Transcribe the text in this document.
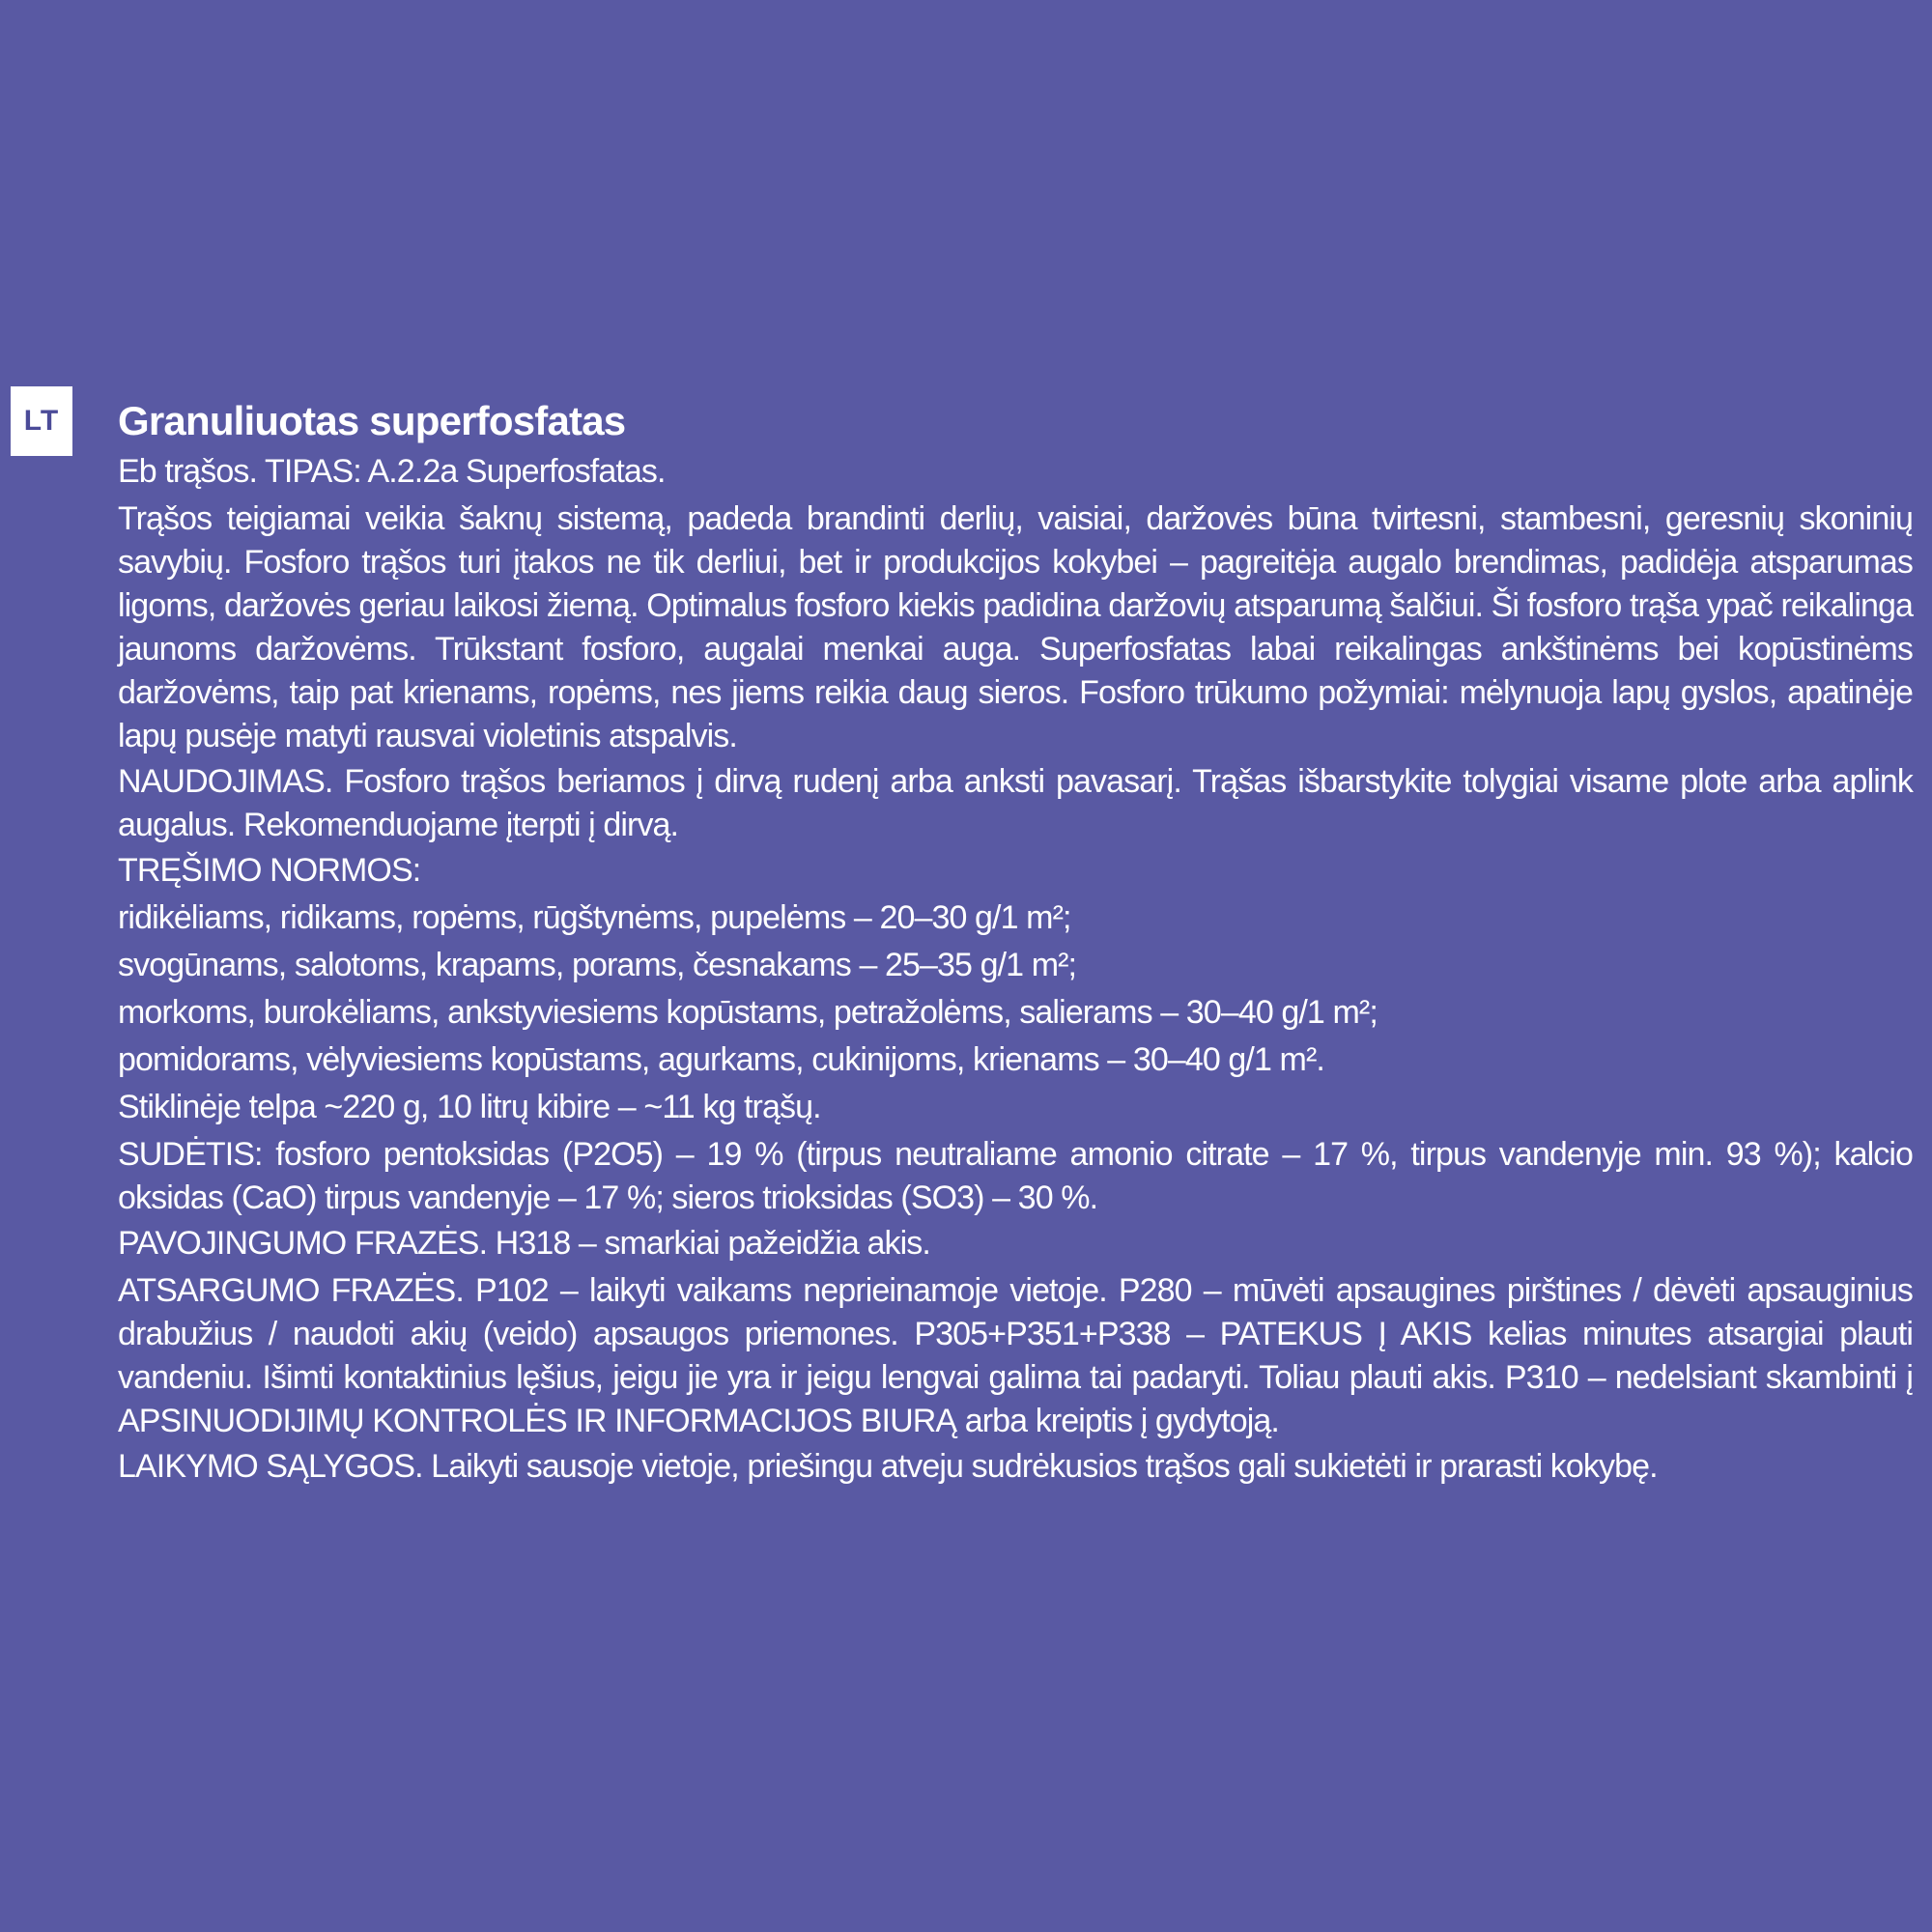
LT	Granuliuotas superfosfatas
Eb trąšos. TIPAS: A.2.2a Superfosfatas.
Trąšos teigiamai veikia šaknų sistemą, padeda brandinti derlių, vaisiai, daržovės būna tvirtesni, stambesni, geresnių skoninių savybių. Fosforo trąšos turi įtakos ne tik derliui, bet ir produkcijos kokybei – pagreitėja augalo brendimas, padidėja atsparumas ligoms, daržovės geriau laikosi žiemą. Optimalus fosforo kiekis padidina daržovių atsparumą šalčiui. Ši fosforo trąša ypač reikalinga jaunoms daržovėms. Trūkstant fosforo, augalai menkai auga. Superfosfatas labai reikalingas ankštinėms bei kopūstinėms daržovėms, taip pat krienams, ropėms, nes jiems reikia daug sieros. Fosforo trūkumo požymiai: mėlynuoja lapų gyslos, apatinėje lapų pusėje matyti rausvai violetinis atspalvis.
NAUDOJIMAS. Fosforo trąšos beriamos į dirvą rudenį arba anksti pavasarį. Trąšas išbarstykite tolygiai visame plote arba aplink augalus. Rekomenduojame įterpti į dirvą.
TRĘŠIMO NORMOS:
ridikėliams, ridikams, ropėms, rūgštynėms, pupelėms – 20–30 g/1 m²;
svogūnams, salotoms, krapams, porams, česnakams – 25–35 g/1 m²;
morkoms, burokėliams, ankstyviesiems kopūstams, petražolėms, salierams – 30–40 g/1 m²;
pomidorams, vėlyviesiems kopūstams, agurkams, cukinijoms, krienams – 30–40 g/1 m².
Stiklinėje telpa ~220 g, 10 litrų kibire – ~11 kg trąšų.
SUDĖTIS: fosforo pentoksidas (P2O5) – 19 % (tirpus neutraliame amonio citrate – 17 %, tirpus vandenyje min. 93 %); kalcio oksidas (CaO) tirpus vandenyje – 17 %; sieros trioksidas (SO3) – 30 %.
PAVOJINGUMO FRAZĖS. H318 – smarkiai pažeidžia akis.
ATSARGUMO FRAZĖS. P102 – laikyti vaikams neprieinamoje vietoje. P280 – mūvėti apsaugines pirštines / dėvėti apsauginius drabužius / naudoti akių (veido) apsaugos priemones. P305+P351+P338 – PATEKUS Į AKIS kelias minutes atsargiai plauti vandeniu. Išimti kontaktinius lęšius, jeigu jie yra ir jeigu lengvai galima tai padaryti. Toliau plauti akis. P310 – nedelsiant skambinti į APSINUODIJIMŲ KONTROLĖS IR INFORMACIJOS BIURĄ arba kreiptis į gydytoją.
LAIKYMO SĄLYGOS. Laikyti sausoje vietoje, priešingu atveju sudrėkusios trąšos gali sukietėti ir prarasti kokybę.
